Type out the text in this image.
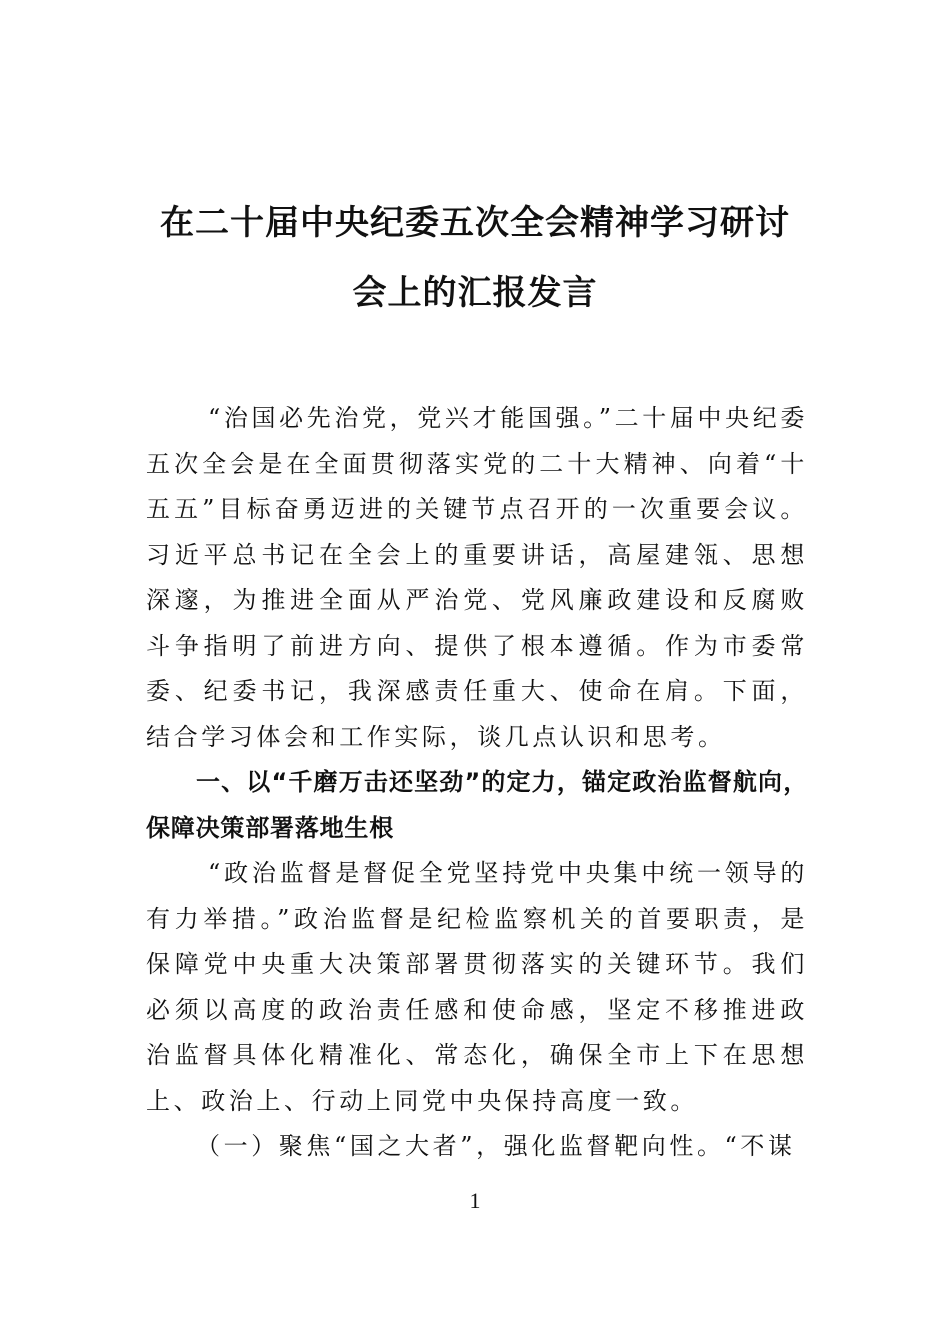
在二十届中央纪委五次全会精神学习研讨
会上的汇报发言

“治国必先治党，党兴才能国强。”二十届中央纪委五次全会是在全面贯彻落实党的二十大精神、向着“十五五”目标奋勇迈进的关键节点召开的一次重要会议。习近平总书记在全会上的重要讲话，高屋建瓴、思想深邃，为推进全面从严治党、党风廉政建设和反腐败斗争指明了前进方向、提供了根本遵循。作为市委常委、纪委书记，我深感责任重大、使命在肩。下面，结合学习体会和工作实际，谈几点认识和思考。

一、以“千磨万击还坚劲”的定力，锚定政治监督航向，保障决策部署落地生根

“政治监督是督促全党坚持党中央集中统一领导的有力举措。”政治监督是纪检监察机关的首要职责，是保障党中央重大决策部署贯彻落实的关键环节。我们必须以高度的政治责任感和使命感，坚定不移推进政治监督具体化精准化、常态化，确保全市上下在思想上、政治上、行动上同党中央保持高度一致。

（一）聚焦“国之大者”，强化监督靶向性。“不谋

1
